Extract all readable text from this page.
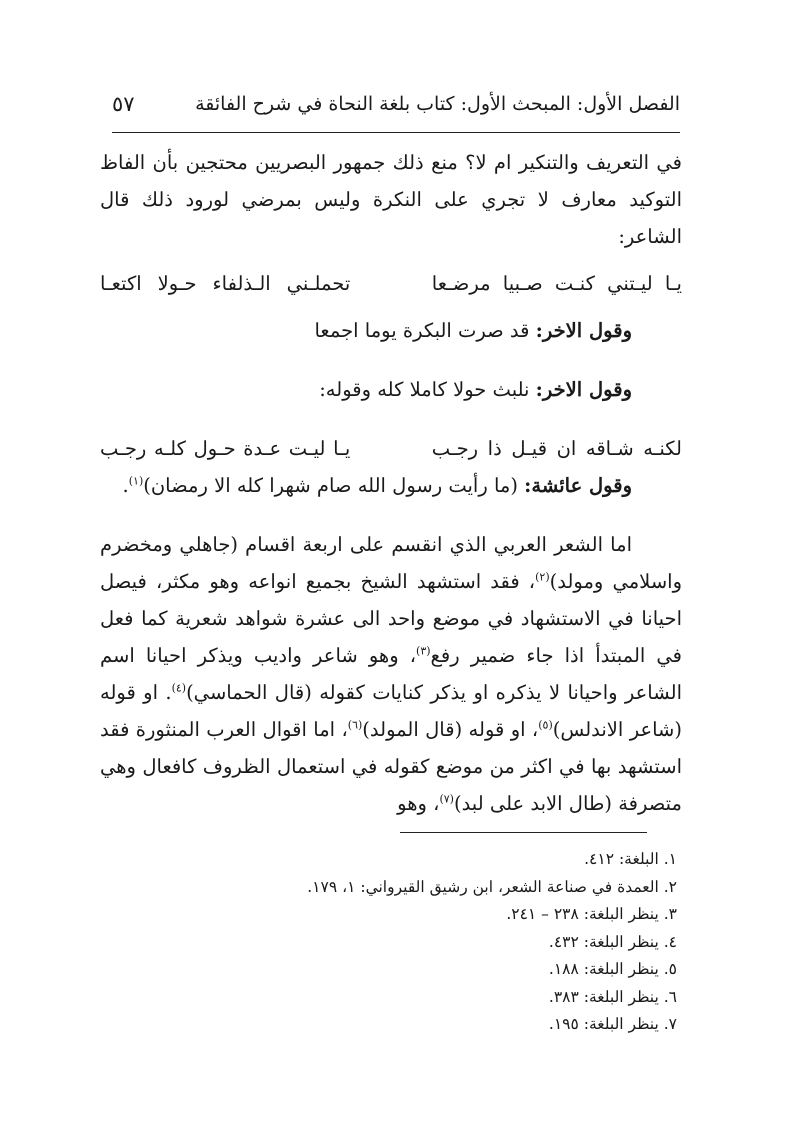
الفصل الأول: المبحث الأول: كتاب بلغة النحاة في شرح الفائقة
٥٧

في التعريف والتنكير ام لا؟ منع ذلك جمهور البصريين محتجين بأن الفاظ التوكيد معارف لا تجري على النكرة وليس بمرضي لورود ذلك قال الشاعر:

يـا ليـتني كنـت صـبيا مرضـعا
تحملـني الـذلفاء حـولا اكتعـا

وقول الاخر: قد صرت البكرة يوما اجمعا

وقول الاخر: نلبث حولا كاملا كله وقوله:

لكنـه شـاقه ان قيـل ذا رجـب
يـا ليـت عـدة حـول كلـه رجـب

وقول عائشة: (ما رأيت رسول الله صام شهرا كله الا رمضان)$^{(١)}$.

اما الشعر العربي الذي انقسم على اربعة اقسام (جاهلي ومخضرم واسلامي ومولد)$^{(٢)}$، فقد استشهد الشيخ بجميع انواعه وهو مكثر، فيصل احيانا في الاستشهاد في موضع واحد الى عشرة شواهد شعرية كما فعل في المبتدأ اذا جاء ضمير رفع$^{(٣)}$، وهو شاعر واديب ويذكر احيانا اسم الشاعر واحيانا لا يذكره او يذكر كنايات كقوله (قال الحماسي)$^{(٤)}$. او قوله (شاعر الاندلس)$^{(٥)}$، او قوله (قال المولد)$^{(٦)}$، اما اقوال العرب المنثورة فقد استشهد بها في اكثر من موضع كقوله في استعمال الظروف كافعال وهي متصرفة (طال الابد على لبد)$^{(٧)}$، وهو

١. البلغة: ٤١٢.
٢. العمدة في صناعة الشعر، ابن رشيق القيرواني: ١، ١٧٩.
٣. ينظر البلغة: ٢٣٨ – ٢٤١.
٤. ينظر البلغة: ٤٣٢.
٥. ينظر البلغة: ١٨٨.
٦. ينظر البلغة: ٣٨٣.
٧. ينظر البلغة: ١٩٥.
